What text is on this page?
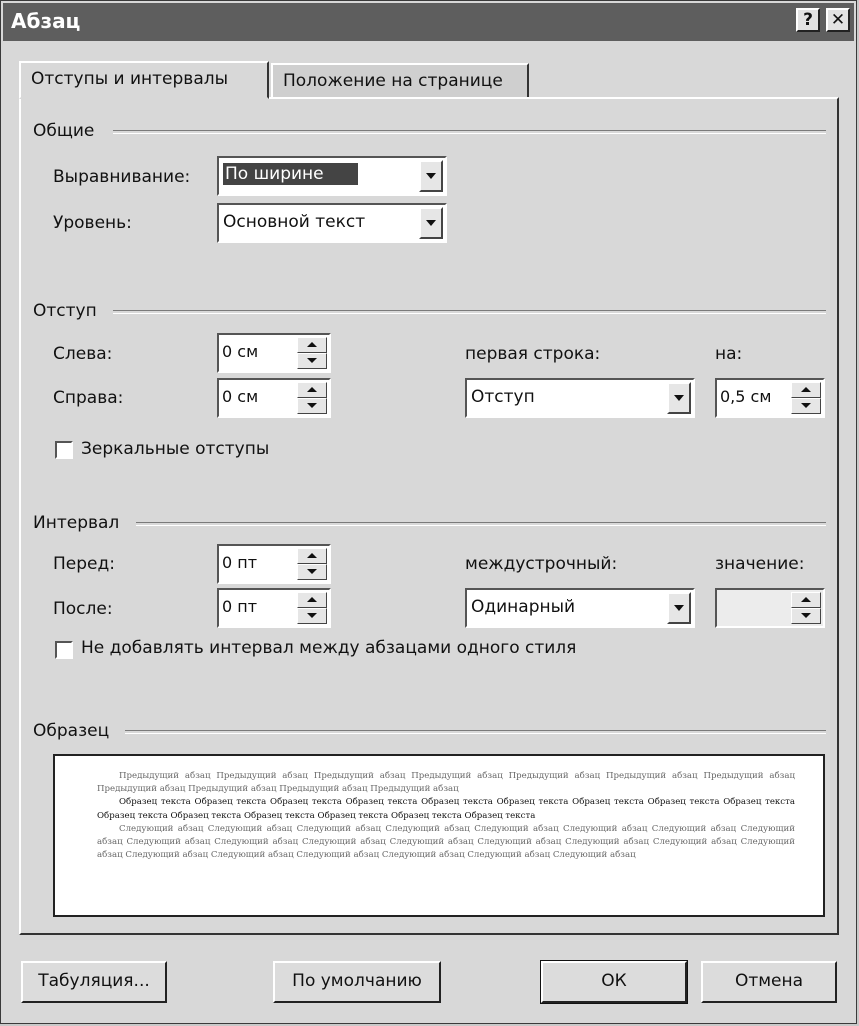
Абзац	?	✕
Отступы и интервалы	Положение на странице
Общие
Выравнивание: По ширине
Уровень:	Основной текст
Отступ
Слева:	0 см
Справа:	0 см
первая строка:
Отступ
на:
0,5 см
Зеркальные отступы
Интервал
Перед:	0 пт
После:	0 пт
междустрочный:
Одинарный
значение:
Не добавлять интервал между абзацами одного стиля
Образец

Предыдущий абзац Предыдущий абзац Предыдущий абзац Предыдущий абзац Предыдущий абзац Предыдущий абзац Предыдущий абзац Предыдущий абзац Предыдущий абзац Предыдущий абзац Предыдущий абзац

Образец текста Образец текста Образец текста Образец текста Образец текста Образец текста Образец текста Образец текста Образец текста Образец текста Образец текста Образец текста Образец текста Образец текста Образец текста

Следующий абзац Следующий абзац Следующий абзац Следующий абзац Следующий абзац Следующий абзац Следующий абзац Следующий абзац Следующий абзац Следующий абзац Следующий абзац Следующий абзац Следующий абзац Следующий абзац Следующий абзац Следующий абзац Следующий абзац Следующий абзац Следующий абзац Следующий абзац Следующий абзац Следующий абзац

Табуляция...	По умолчанию	ОК	Отмена
